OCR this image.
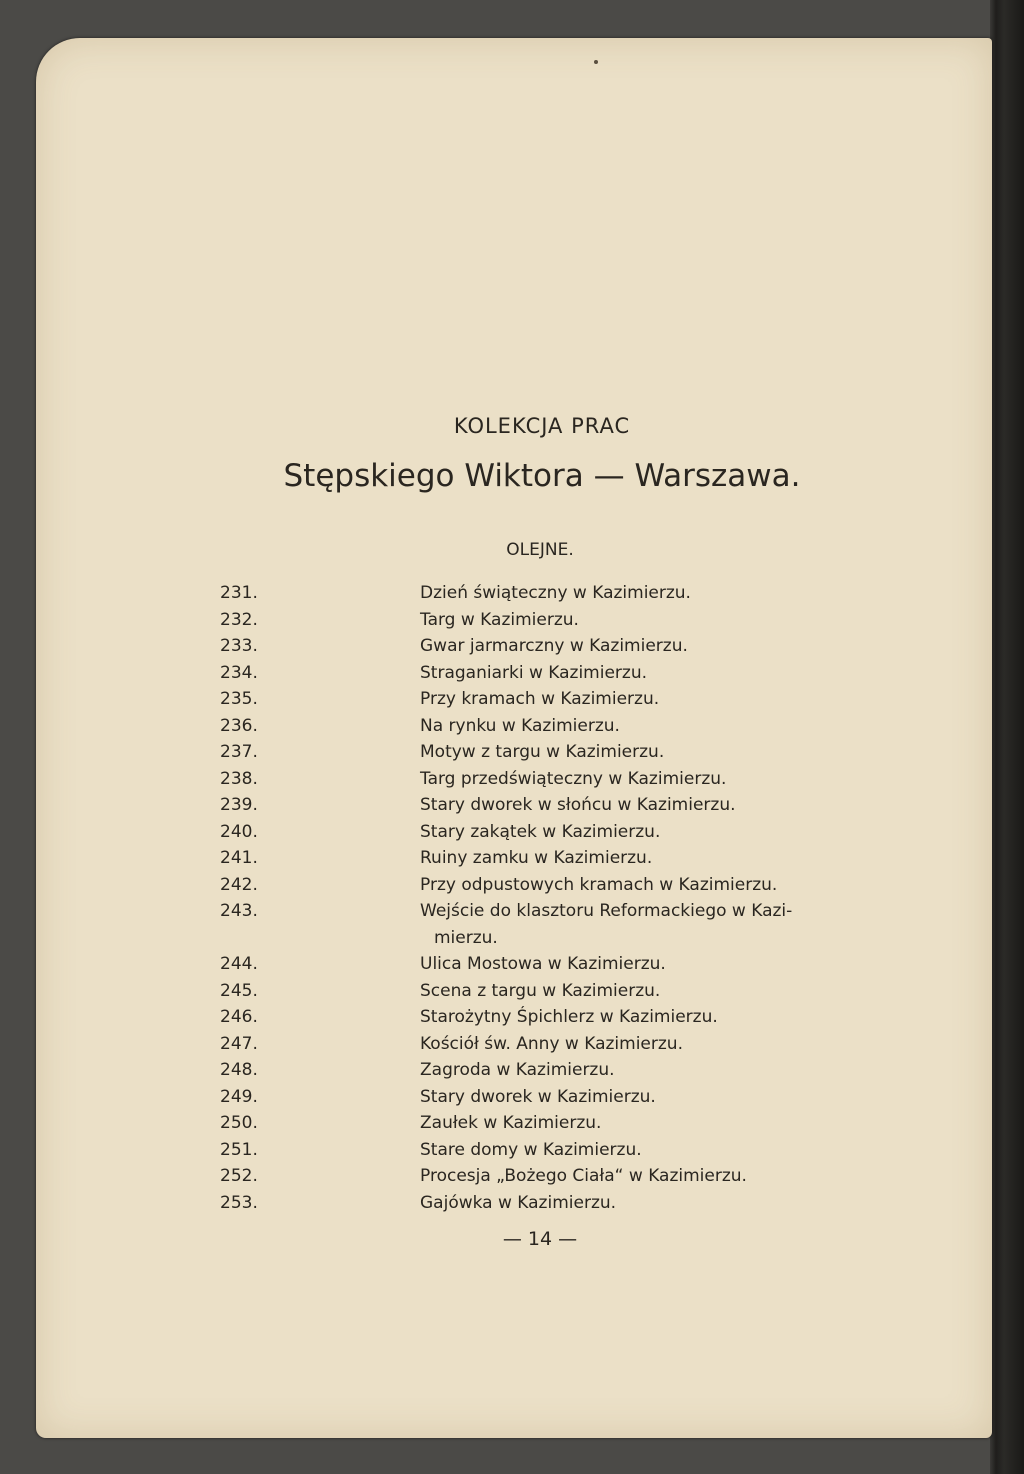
KOLEKCJA PRAC
Stępskiego Wiktora — Warszawa.
OLEJNE.
231.	Dzień świąteczny w Kazimierzu.
232.	Targ w Kazimierzu.
233.	Gwar jarmarczny w Kazimierzu.
234.	Straganiarki w Kazimierzu.
235.	Przy kramach w Kazimierzu.
236.	Na rynku w Kazimierzu.
237.	Motyw z targu w Kazimierzu.
238.	Targ przedświąteczny w Kazimierzu.
239.	Stary dworek w słońcu w Kazimierzu.
240.	Stary zakątek w Kazimierzu.
241.	Ruiny zamku w Kazimierzu.
242.	Przy odpustowych kramach w Kazimierzu.
243.	Wejście do klasztoru Reformackiego w Kazi-
mierzu.
244.	Ulica Mostowa w Kazimierzu.
245.	Scena z targu w Kazimierzu.
246.	Starożytny Śpichlerz w Kazimierzu.
247.	Kościół św. Anny w Kazimierzu.
248.	Zagroda w Kazimierzu.
249.	Stary dworek w Kazimierzu.
250.	Zaułek w Kazimierzu.
251.	Stare domy w Kazimierzu.
252.	Procesja „Bożego Ciała“ w Kazimierzu.
253.	Gajówka w Kazimierzu.
— 14 —
